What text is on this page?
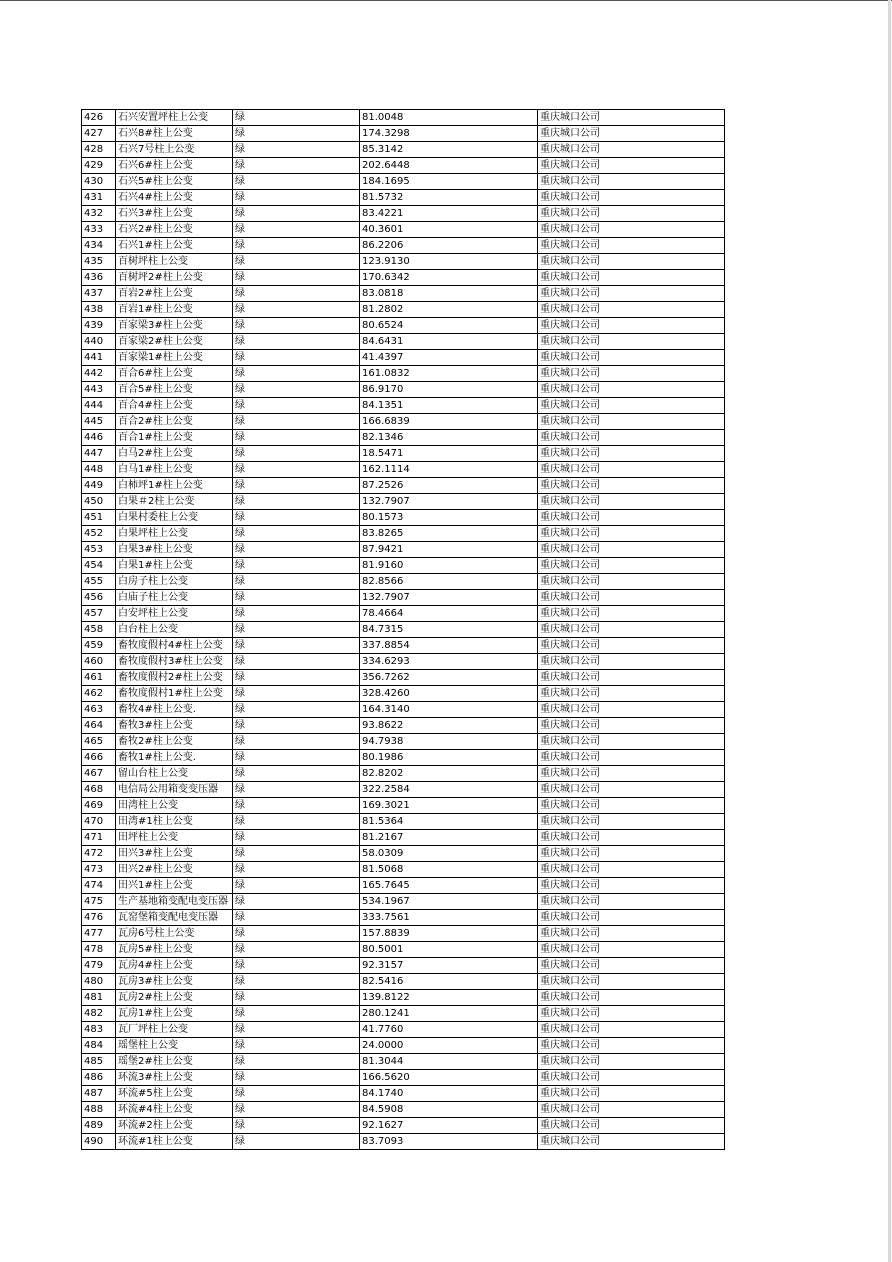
426	石兴安置坪柱上公变	绿	81.0048	重庆城口公司
427	石兴8#柱上公变	绿	174.3298	重庆城口公司
428	石兴7号柱上公变	绿	85.3142	重庆城口公司
429	石兴6#柱上公变	绿	202.6448	重庆城口公司
430	石兴5#柱上公变	绿	184.1695	重庆城口公司
431	石兴4#柱上公变	绿	81.5732	重庆城口公司
432	石兴3#柱上公变	绿	83.4221	重庆城口公司
433	石兴2#柱上公变	绿	40.3601	重庆城口公司
434	石兴1#柱上公变	绿	86.2206	重庆城口公司
435	百树坪柱上公变	绿	123.9130	重庆城口公司
436	百树坪2#柱上公变	绿	170.6342	重庆城口公司
437	百岩2#柱上公变	绿	83.0818	重庆城口公司
438	百岩1#柱上公变	绿	81.2802	重庆城口公司
439	百家梁3#柱上公变	绿	80.6524	重庆城口公司
440	百家梁2#柱上公变	绿	84.6431	重庆城口公司
441	百家梁1#柱上公变	绿	41.4397	重庆城口公司
442	百合6#柱上公变	绿	161.0832	重庆城口公司
443	百合5#柱上公变	绿	86.9170	重庆城口公司
444	百合4#柱上公变	绿	84.1351	重庆城口公司
445	百合2#柱上公变	绿	166.6839	重庆城口公司
446	百合1#柱上公变	绿	82.1346	重庆城口公司
447	白马2#柱上公变	绿	18.5471	重庆城口公司
448	白马1#柱上公变	绿	162.1114	重庆城口公司
449	白柿坪1#柱上公变	绿	87.2526	重庆城口公司
450	白果＃2柱上公变	绿	132.7907	重庆城口公司
451	白果村委柱上公变	绿	80.1573	重庆城口公司
452	白果坪柱上公变	绿	83.8265	重庆城口公司
453	白果3#柱上公变	绿	87.9421	重庆城口公司
454	白果1#柱上公变	绿	81.9160	重庆城口公司
455	白房子柱上公变	绿	82.8566	重庆城口公司
456	白庙子柱上公变	绿	132.7907	重庆城口公司
457	白安坪柱上公变	绿	78.4664	重庆城口公司
458	白台柱上公变	绿	84.7315	重庆城口公司
459	畜牧度假村4#柱上公变	绿	337.8854	重庆城口公司
460	畜牧度假村3#柱上公变	绿	334.6293	重庆城口公司
461	畜牧度假村2#柱上公变	绿	356.7262	重庆城口公司
462	畜牧度假村1#柱上公变	绿	328.4260	重庆城口公司
463	畜牧4#柱上公变.	绿	164.3140	重庆城口公司
464	畜牧3#柱上公变	绿	93.8622	重庆城口公司
465	畜牧2#柱上公变	绿	94.7938	重庆城口公司
466	畜牧1#柱上公变.	绿	80.1986	重庆城口公司
467	留山台柱上公变	绿	82.8202	重庆城口公司
468	电信局公用箱变变压器	绿	322.2584	重庆城口公司
469	田湾柱上公变	绿	169.3021	重庆城口公司
470	田湾#1柱上公变	绿	81.5364	重庆城口公司
471	田坪柱上公变	绿	81.2167	重庆城口公司
472	田兴3#柱上公变	绿	58.0309	重庆城口公司
473	田兴2#柱上公变	绿	81.5068	重庆城口公司
474	田兴1#柱上公变	绿	165.7645	重庆城口公司
475	生产基地箱变配电变压器	绿	534.1967	重庆城口公司
476	瓦窑堡箱变配电变压器	绿	333.7561	重庆城口公司
477	瓦房6号柱上公变	绿	157.8839	重庆城口公司
478	瓦房5#柱上公变	绿	80.5001	重庆城口公司
479	瓦房4#柱上公变	绿	92.3157	重庆城口公司
480	瓦房3#柱上公变	绿	82.5416	重庆城口公司
481	瓦房2#柱上公变	绿	139.8122	重庆城口公司
482	瓦房1#柱上公变	绿	280.1241	重庆城口公司
483	瓦厂坪柱上公变	绿	41.7760	重庆城口公司
484	瑶堡柱上公变	绿	24.0000	重庆城口公司
485	瑶堡2#柱上公变	绿	81.3044	重庆城口公司
486	环流3#柱上公变	绿	166.5620	重庆城口公司
487	环流#5柱上公变	绿	84.1740	重庆城口公司
488	环流#4柱上公变	绿	84.5908	重庆城口公司
489	环流#2柱上公变	绿	92.1627	重庆城口公司
490	环流#1柱上公变	绿	83.7093	重庆城口公司
